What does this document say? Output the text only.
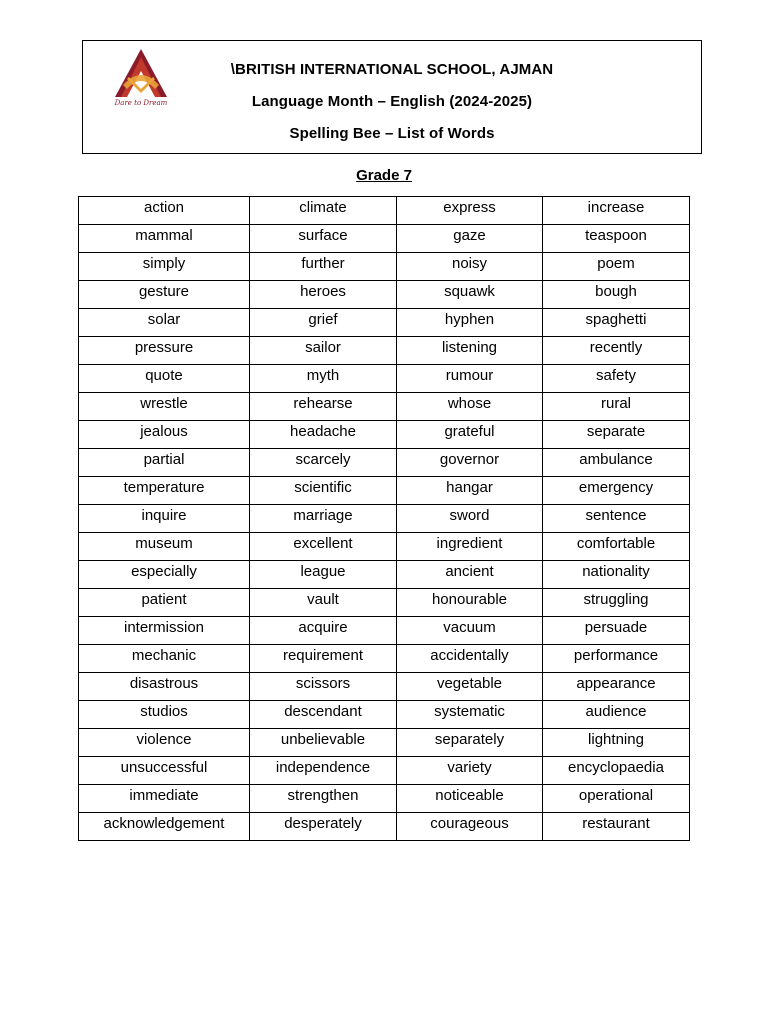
Dare to Dream
\BRITISH INTERNATIONAL SCHOOL, AJMAN
Language Month – English (2024-2025)
Spelling Bee – List of Words
Grade 7
action	climate	express	increase
mammal	surface	gaze	teaspoon
simply	further	noisy	poem
gesture	heroes	squawk	bough
solar	grief	hyphen	spaghetti
pressure	sailor	listening	recently
quote	myth	rumour	safety
wrestle	rehearse	whose	rural
jealous	headache	grateful	separate
partial	scarcely	governor	ambulance
temperature	scientific	hangar	emergency
inquire	marriage	sword	sentence
museum	excellent	ingredient	comfortable
especially	league	ancient	nationality
patient	vault	honourable	struggling
intermission	acquire	vacuum	persuade
mechanic	requirement	accidentally	performance
disastrous	scissors	vegetable	appearance
studios	descendant	systematic	audience
violence	unbelievable	separately	lightning
unsuccessful	independence	variety	encyclopaedia
immediate	strengthen	noticeable	operational
acknowledgement	desperately	courageous	restaurant
